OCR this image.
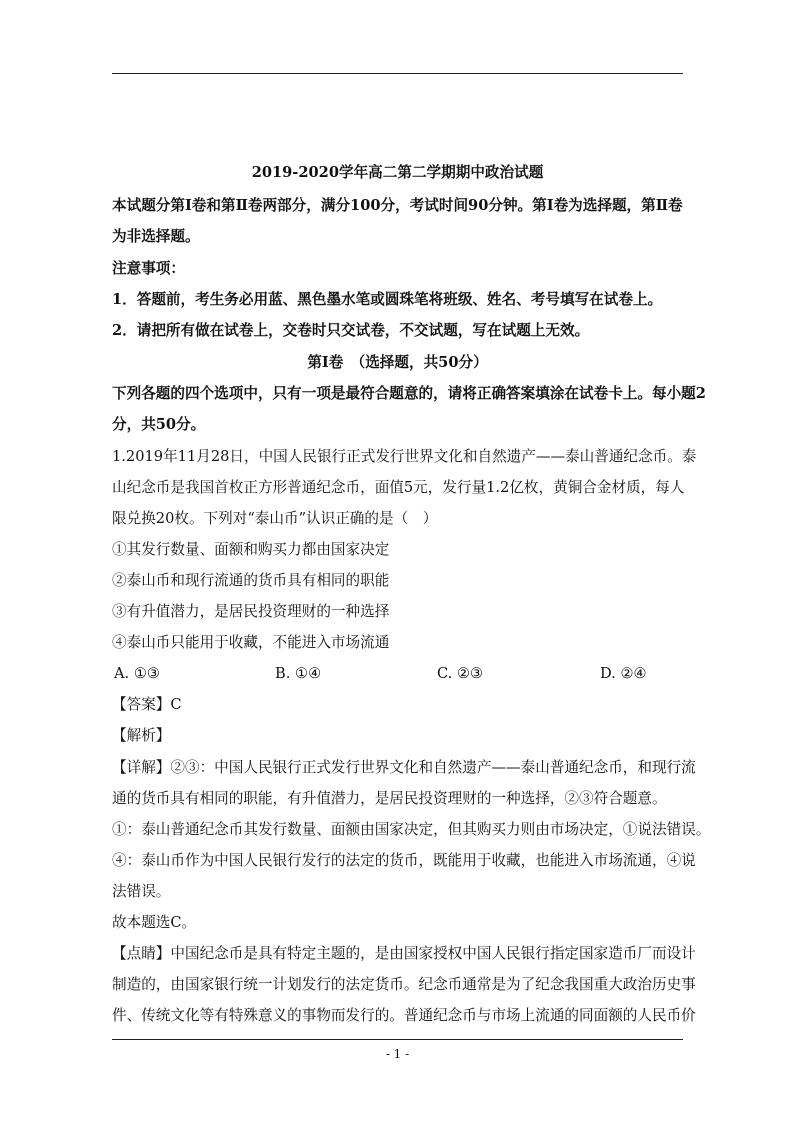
2019-2020学年高二第二学期期中政治试题
本试题分第Ⅰ卷和第Ⅱ卷两部分，满分100分，考试时间90分钟。第Ⅰ卷为选择题，第Ⅱ卷
为非选择题。
注意事项：
1．答题前，考生务必用蓝、黑色墨水笔或圆珠笔将班级、姓名、考号填写在试卷上。
2．请把所有做在试卷上，交卷时只交试卷，不交试题，写在试题上无效。
第Ⅰ卷　（选择题，共50分）
下列各题的四个选项中，只有一项是最符合题意的，请将正确答案填涂在试卷卡上。每小题2
分，共50分。
1.2019年11月28日，中国人民银行正式发行世界文化和自然遗产——泰山普通纪念币。泰
山纪念币是我国首枚正方形普通纪念币，面值5元，发行量1.2亿枚，黄铜合金材质，每人
限兑换20枚。下列对“泰山币”认识正确的是（　）
①其发行数量、面额和购买力都由国家决定
②泰山币和现行流通的货币具有相同的职能
③有升值潜力，是居民投资理财的一种选择
④泰山币只能用于收藏，不能进入市场流通
A. ①③	B. ①④	C. ②③	D. ②④
【答案】C
【解析】
【详解】②③：中国人民银行正式发行世界文化和自然遗产——泰山普通纪念币，和现行流
通的货币具有相同的职能，有升值潜力，是居民投资理财的一种选择，②③符合题意。
①：泰山普通纪念币其发行数量、面额由国家决定，但其购买力则由市场决定，①说法错误。
④：泰山币作为中国人民银行发行的法定的货币，既能用于收藏，也能进入市场流通，④说
法错误。
故本题选C。
【点睛】中国纪念币是具有特定主题的，是由国家授权中国人民银行指定国家造币厂而设计
制造的，由国家银行统一计划发行的法定货币。纪念币通常是为了纪念我国重大政治历史事
件、传统文化等有特殊意义的事物而发行的。普通纪念币与市场上流通的同面额的人民币价
- 1 -
